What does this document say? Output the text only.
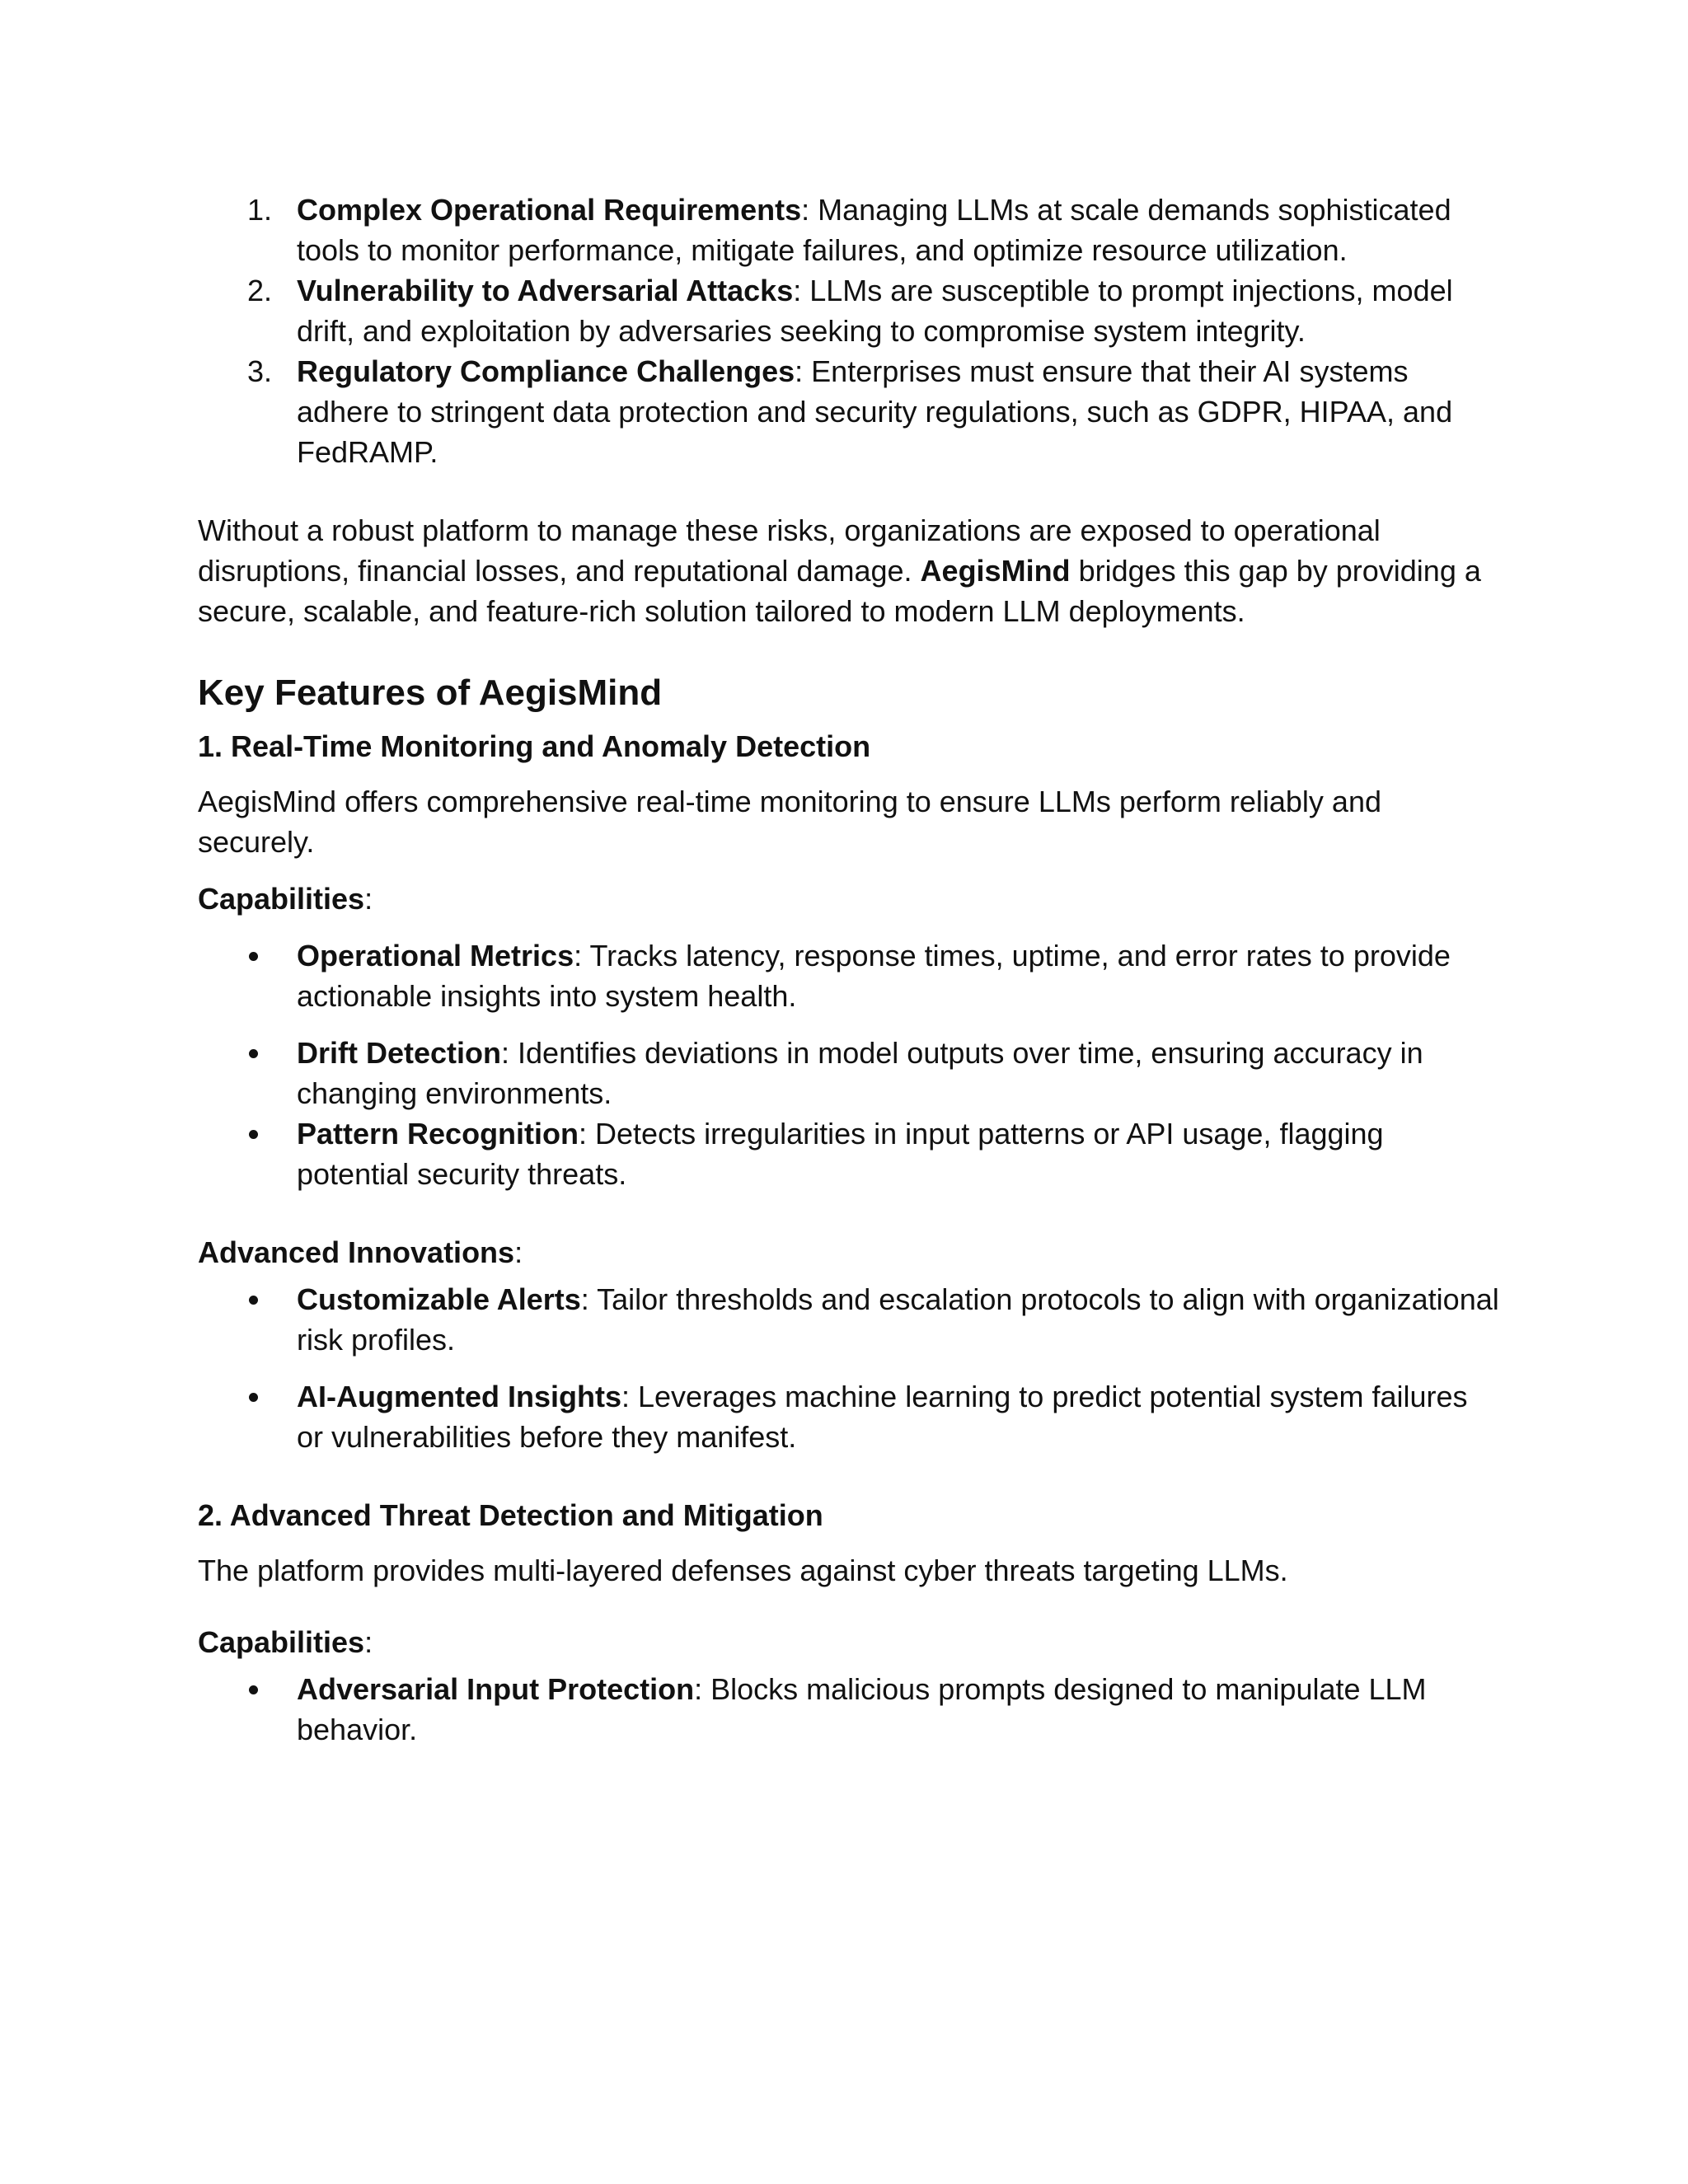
1. Complex Operational Requirements: Managing LLMs at scale demands sophisticated tools to monitor performance, mitigate failures, and optimize resource utilization.
2. Vulnerability to Adversarial Attacks: LLMs are susceptible to prompt injections, model drift, and exploitation by adversaries seeking to compromise system integrity.
3. Regulatory Compliance Challenges: Enterprises must ensure that their AI systems adhere to stringent data protection and security regulations, such as GDPR, HIPAA, and FedRAMP.

Without a robust platform to manage these risks, organizations are exposed to operational disruptions, financial losses, and reputational damage. AegisMind bridges this gap by providing a secure, scalable, and feature-rich solution tailored to modern LLM deployments.

Key Features of AegisMind
1. Real-Time Monitoring and Anomaly Detection

AegisMind offers comprehensive real-time monitoring to ensure LLMs perform reliably and securely.

Capabilities:

Operational Metrics: Tracks latency, response times, uptime, and error rates to provide actionable insights into system health.
Drift Detection: Identifies deviations in model outputs over time, ensuring accuracy in changing environments.
Pattern Recognition: Detects irregularities in input patterns or API usage, flagging potential security threats.

Advanced Innovations:

Customizable Alerts: Tailor thresholds and escalation protocols to align with organizational risk profiles.
AI-Augmented Insights: Leverages machine learning to predict potential system failures or vulnerabilities before they manifest.
2. Advanced Threat Detection and Mitigation

The platform provides multi-layered defenses against cyber threats targeting LLMs.

Capabilities:

Adversarial Input Protection: Blocks malicious prompts designed to manipulate LLM behavior.
